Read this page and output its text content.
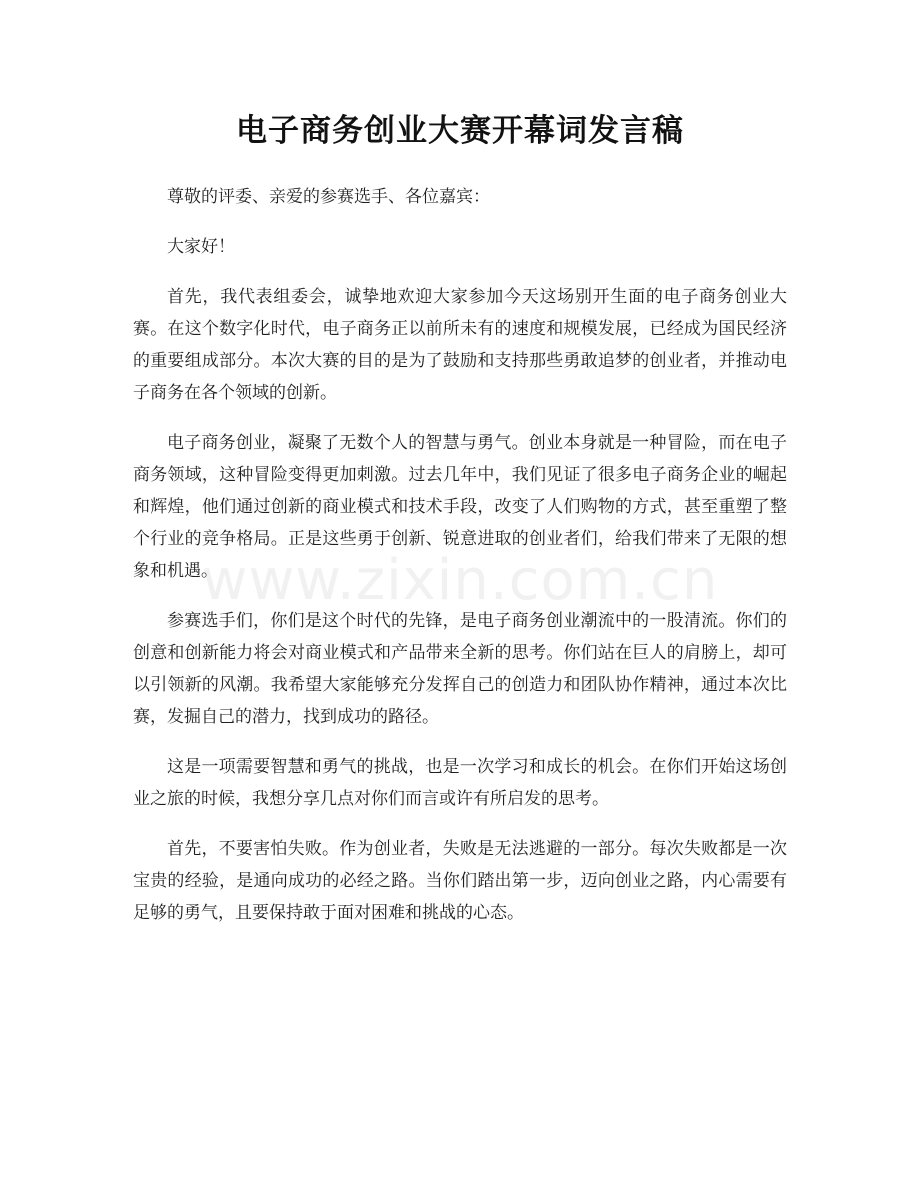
www.zixin.com.cn
电子商务创业大赛开幕词发言稿

尊敬的评委、亲爱的参赛选手、各位嘉宾：

大家好！

首先，我代表组委会，诚挚地欢迎大家参加今天这场别开生面的电子商务创业大赛。在这个数字化时代，电子商务正以前所未有的速度和规模发展，已经成为国民经济的重要组成部分。本次大赛的目的是为了鼓励和支持那些勇敢追梦的创业者，并推动电子商务在各个领域的创新。

电子商务创业，凝聚了无数个人的智慧与勇气。创业本身就是一种冒险，而在电子商务领域，这种冒险变得更加刺激。过去几年中，我们见证了很多电子商务企业的崛起和辉煌，他们通过创新的商业模式和技术手段，改变了人们购物的方式，甚至重塑了整个行业的竞争格局。正是这些勇于创新、锐意进取的创业者们，给我们带来了无限的想象和机遇。

参赛选手们，你们是这个时代的先锋，是电子商务创业潮流中的一股清流。你们的创意和创新能力将会对商业模式和产品带来全新的思考。你们站在巨人的肩膀上，却可以引领新的风潮。我希望大家能够充分发挥自己的创造力和团队协作精神，通过本次比赛，发掘自己的潜力，找到成功的路径。

这是一项需要智慧和勇气的挑战，也是一次学习和成长的机会。在你们开始这场创业之旅的时候，我想分享几点对你们而言或许有所启发的思考。

首先，不要害怕失败。作为创业者，失败是无法逃避的一部分。每次失败都是一次宝贵的经验，是通向成功的必经之路。当你们踏出第一步，迈向创业之路，内心需要有足够的勇气，且要保持敢于面对困难和挑战的心态。
